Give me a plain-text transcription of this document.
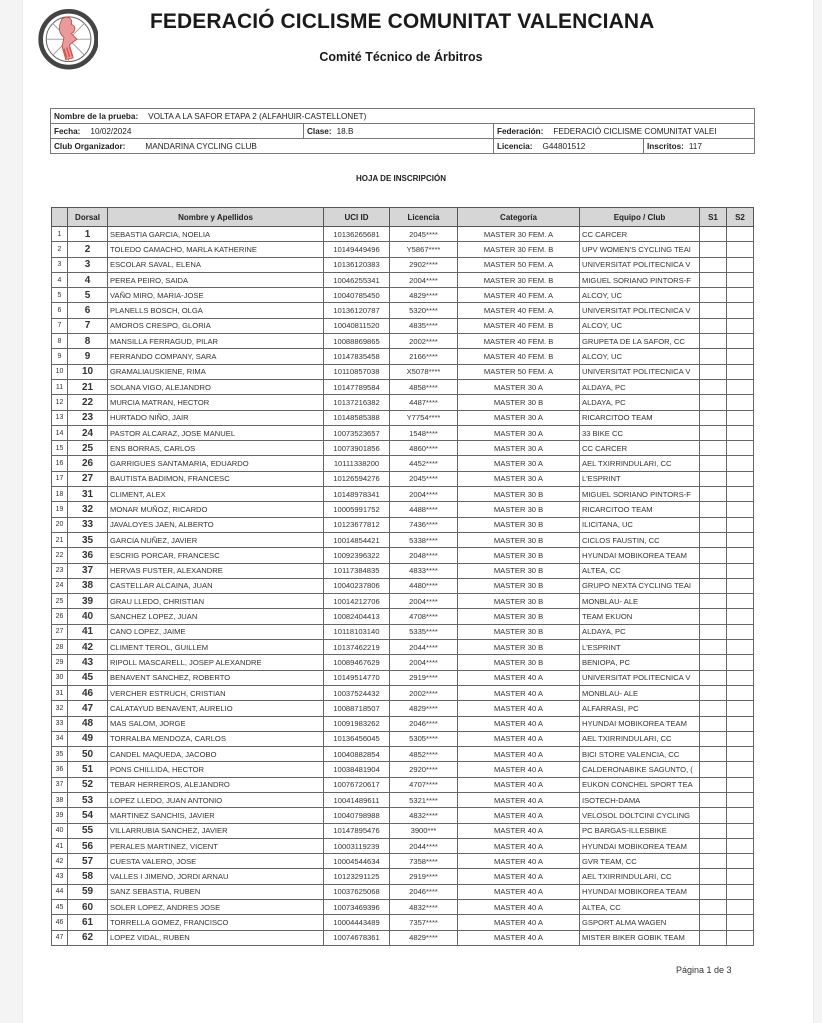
FEDERACIÓ CICLISME COMUNITAT VALENCIANA
Comité Técnico de Árbitros
Nombre de la prueba: VOLTA A LA SAFOR ETAPA 2 (ALFAHUIR-CASTELLONET)			
Fecha: 10/02/2024	Clase: 18.B	Federación: FEDERACIÓ CICLISME COMUNITAT VALEI	
Club Organizador: MANDARINA CYCLING CLUB		Licencia: G44801512	Inscritos: 117
HOJA DE INSCRIPCIÓN
	Dorsal	Nombre y Apellidos	UCI ID	Licencia	Categoría	Equipo / Club	S1	S2
1	1	SEBASTIA GARCIA, NOELIA	10136265681	2045****	MASTER 30 FEM. A	CC CARCER		
2	2	TOLEDO CAMACHO, MARLA KATHERINE	10149449496	Y5867****	MASTER 30 FEM. B	UPV WOMEN'S CYCLING TEAI		
3	3	ESCOLAR SAVAL, ELENA	10136120383	2902****	MASTER 50 FEM. A	UNIVERSITAT POLITECNICA V		
4	4	PEREA PEIRO, SAIDA	10046255341	2004****	MASTER 30 FEM. B	MIGUEL SORIANO PINTORS-F		
5	5	VAÑO MIRO, MARIA-JOSE	10040785450	4829****	MASTER 40 FEM. A	ALCOY, UC		
6	6	PLANELLS BOSCH, OLGA	10136120787	5320****	MASTER 40 FEM. A	UNIVERSITAT POLITECNICA V		
7	7	AMOROS CRESPO, GLORIA	10040811520	4835****	MASTER 40 FEM. B	ALCOY, UC		
8	8	MANSILLA FERRAGUD, PILAR	10088869865	2002****	MASTER 40 FEM. B	GRUPETA DE LA SAFOR, CC		
9	9	FERRANDO COMPANY, SARA	10147835458	2166****	MASTER 40 FEM. B	ALCOY, UC		
10	10	GRAMALIAUSKIENE, RIMA	10110857038	X5078****	MASTER 50 FEM. A	UNIVERSITAT POLITECNICA V		
11	21	SOLANA VIGO, ALEJANDRO	10147789584	4858****	MASTER 30 A	ALDAYA, PC		
12	22	MURCIA MATRAN, HECTOR	10137216382	4487****	MASTER 30 B	ALDAYA, PC		
13	23	HURTADO NIÑO, JAIR	10148585388	Y7754****	MASTER 30 A	RICARCITOO TEAM		
14	24	PASTOR ALCARAZ, JOSE MANUEL	10073523657	1548****	MASTER 30 A	33 BIKE CC		
15	25	ENS BORRAS, CARLOS	10073901856	4860****	MASTER 30 A	CC CARCER		
16	26	GARRIGUES SANTAMARIA, EDUARDO	10111338200	4452****	MASTER 30 A	AEL TXIRRINDULARI, CC		
17	27	BAUTISTA BADIMON, FRANCESC	10126594276	2045****	MASTER 30 A	L'ESPRINT		
18	31	CLIMENT, ALEX	10148978341	2004****	MASTER 30 B	MIGUEL SORIANO PINTORS-F		
19	32	MONAR MUÑOZ, RICARDO	10005991752	4488****	MASTER 30 B	RICARCITOO TEAM		
20	33	JAVALOYES JAEN, ALBERTO	10123677812	7436****	MASTER 30 B	ILICITANA, UC		
21	35	GARCIA NUÑEZ, JAVIER	10014854421	5338****	MASTER 30 B	CICLOS FAUSTIN, CC		
22	36	ESCRIG PORCAR, FRANCESC	10092396322	2048****	MASTER 30 B	HYUNDAI MOBIKOREA TEAM		
23	37	HERVAS FUSTER, ALEXANDRE	10117384835	4833****	MASTER 30 B	ALTEA, CC		
24	38	CASTELLAR ALCAINA, JUAN	10040237806	4480****	MASTER 30 B	GRUPO NEXTA CYCLING TEAI		
25	39	GRAU LLEDO, CHRISTIAN	10014212706	2004****	MASTER 30 B	MONBLAU- ALE		
26	40	SANCHEZ LOPEZ, JUAN	10082404413	4708****	MASTER 30 B	TEAM EKUON		
27	41	CANO LOPEZ, JAIME	10118103140	5335****	MASTER 30 B	ALDAYA, PC		
28	42	CLIMENT TEROL, GUILLEM	10137462219	2044****	MASTER 30 B	L'ESPRINT		
29	43	RIPOLL MASCARELL, JOSEP ALEXANDRE	10089467629	2004****	MASTER 30 B	BENIOPA, PC		
30	45	BENAVENT SANCHEZ, ROBERTO	10149514770	2919****	MASTER 40 A	UNIVERSITAT POLITECNICA V		
31	46	VERCHER ESTRUCH, CRISTIAN	10037524432	2002****	MASTER 40 A	MONBLAU- ALE		
32	47	CALATAYUD BENAVENT, AURELIO	10088718507	4829****	MASTER 40 A	ALFARRASI, PC		
33	48	MAS SALOM, JORGE	10091983262	2046****	MASTER 40 A	HYUNDAI MOBIKOREA TEAM		
34	49	TORRALBA MENDOZA, CARLOS	10136456045	5305****	MASTER 40 A	AEL TXIRRINDULARI, CC		
35	50	CANDEL MAQUEDA, JACOBO	10040882854	4852****	MASTER 40 A	BICI STORE VALENCIA, CC		
36	51	PONS CHILLIDA, HECTOR	10038481904	2920****	MASTER 40 A	CALDERONABIKE SAGUNTO, (		
37	52	TEBAR HERREROS, ALEJANDRO	10076720617	4707****	MASTER 40 A	EUKON CONCHEL SPORT TEA		
38	53	LOPEZ LLEDO, JUAN ANTONIO	10041489611	5321****	MASTER 40 A	ISOTECH-DAMA		
39	54	MARTINEZ SANCHIS, JAVIER	10040798988	4832****	MASTER 40 A	VELOSOL DOLTCINI CYCLING		
40	55	VILLARRUBIA SANCHEZ, JAVIER	10147895476	3900***	MASTER 40 A	PC BARGAS-ILLESBIKE		
41	56	PERALES MARTINEZ, VICENT	10003119239	2044****	MASTER 40 A	HYUNDAI MOBIKOREA TEAM		
42	57	CUESTA VALERO, JOSE	10004544634	7358****	MASTER 40 A	GVR TEAM, CC		
43	58	VALLES I JIMENO, JORDI ARNAU	10123291125	2919****	MASTER 40 A	AEL TXIRRINDULARI, CC		
44	59	SANZ SEBASTIA, RUBEN	10037625068	2046****	MASTER 40 A	HYUNDAI MOBIKOREA TEAM		
45	60	SOLER LOPEZ, ANDRES JOSE	10073469396	4832****	MASTER 40 A	ALTEA, CC		
46	61	TORRELLA GOMEZ, FRANCISCO	10004443489	7357****	MASTER 40 A	GSPORT ALMA WAGEN		
47	62	LOPEZ VIDAL, RUBEN	10074678361	4829****	MASTER 40 A	MISTER BIKER GOBIK TEAM		
Página 1 de 3
